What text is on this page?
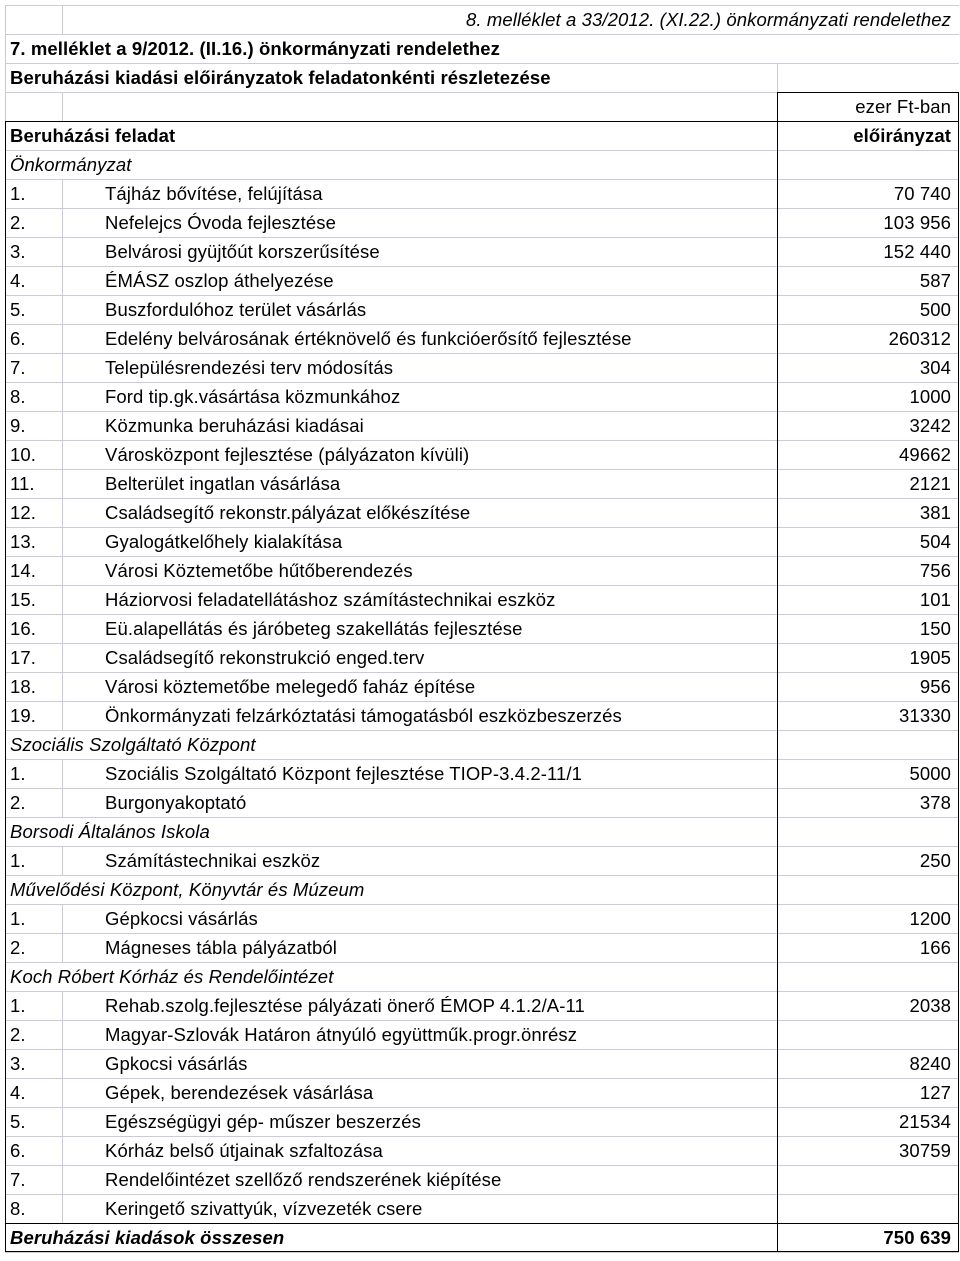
8. melléklet a 33/2012. (XI.22.) önkormányzati rendelethez
7. melléklet a 9/2012. (II.16.) önkormányzati rendelethez
Beruházási kiadási előirányzatok feladatonkénti részletezése
ezer Ft-ban
Beruházási feladat	előirányzat
Önkormányzat
1.	Tájház bővítése, felújítása	70 740
2.	Nefelejcs Óvoda fejlesztése	103 956
3.	Belvárosi gyüjtőút korszerűsítése	152 440
4.	ÉMÁSZ oszlop áthelyezése	587
5.	Buszfordulóhoz terület vásárlás	500
6.	Edelény belvárosának értéknövelő és funkcióerősítő fejlesztése	260312
7.	Településrendezési terv módosítás	304
8.	Ford tip.gk.vásártása közmunkához	1000
9.	Közmunka beruházási kiadásai	3242
10.	Városközpont fejlesztése (pályázaton kívüli)	49662
11.	Belterület ingatlan vásárlása	2121
12.	Családsegítő rekonstr.pályázat előkészítése	381
13.	Gyalogátkelőhely kialakítása	504
14.	Városi Köztemetőbe hűtőberendezés	756
15.	Háziorvosi feladatellátáshoz számítástechnikai eszköz	101
16.	Eü.alapellátás és járóbeteg szakellátás fejlesztése	150
17.	Családsegítő rekonstrukció enged.terv	1905
18.	Városi köztemetőbe melegedő faház építése	956
19.	Önkormányzati felzárkóztatási támogatásból eszközbeszerzés	31330
Szociális Szolgáltató Központ
1.	Szociális Szolgáltató Központ fejlesztése TIOP-3.4.2-11/1	5000
2.	Burgonyakoptató	378
Borsodi Általános Iskola
1.	Számítástechnikai eszköz	250
Művelődési Központ, Könyvtár és Múzeum
1.	Gépkocsi vásárlás	1200
2.	Mágneses tábla pályázatból	166
Koch Róbert Kórház és Rendelőintézet
1.	Rehab.szolg.fejlesztése pályázati önerő ÉMOP 4.1.2/A-11	2038
2.	Magyar-Szlovák Határon átnyúló együttműk.progr.önrész
3.	Gpkocsi vásárlás	8240
4.	Gépek, berendezések vásárlása	127
5.	Egészségügyi gép- műszer beszerzés	21534
6.	Kórház belső útjainak szfaltozása	30759
7.	Rendelőintézet szellőző rendszerének kiépítése
8.	Keringető szivattyúk, vízvezeték csere
Beruházási kiadások összesen	750 639
